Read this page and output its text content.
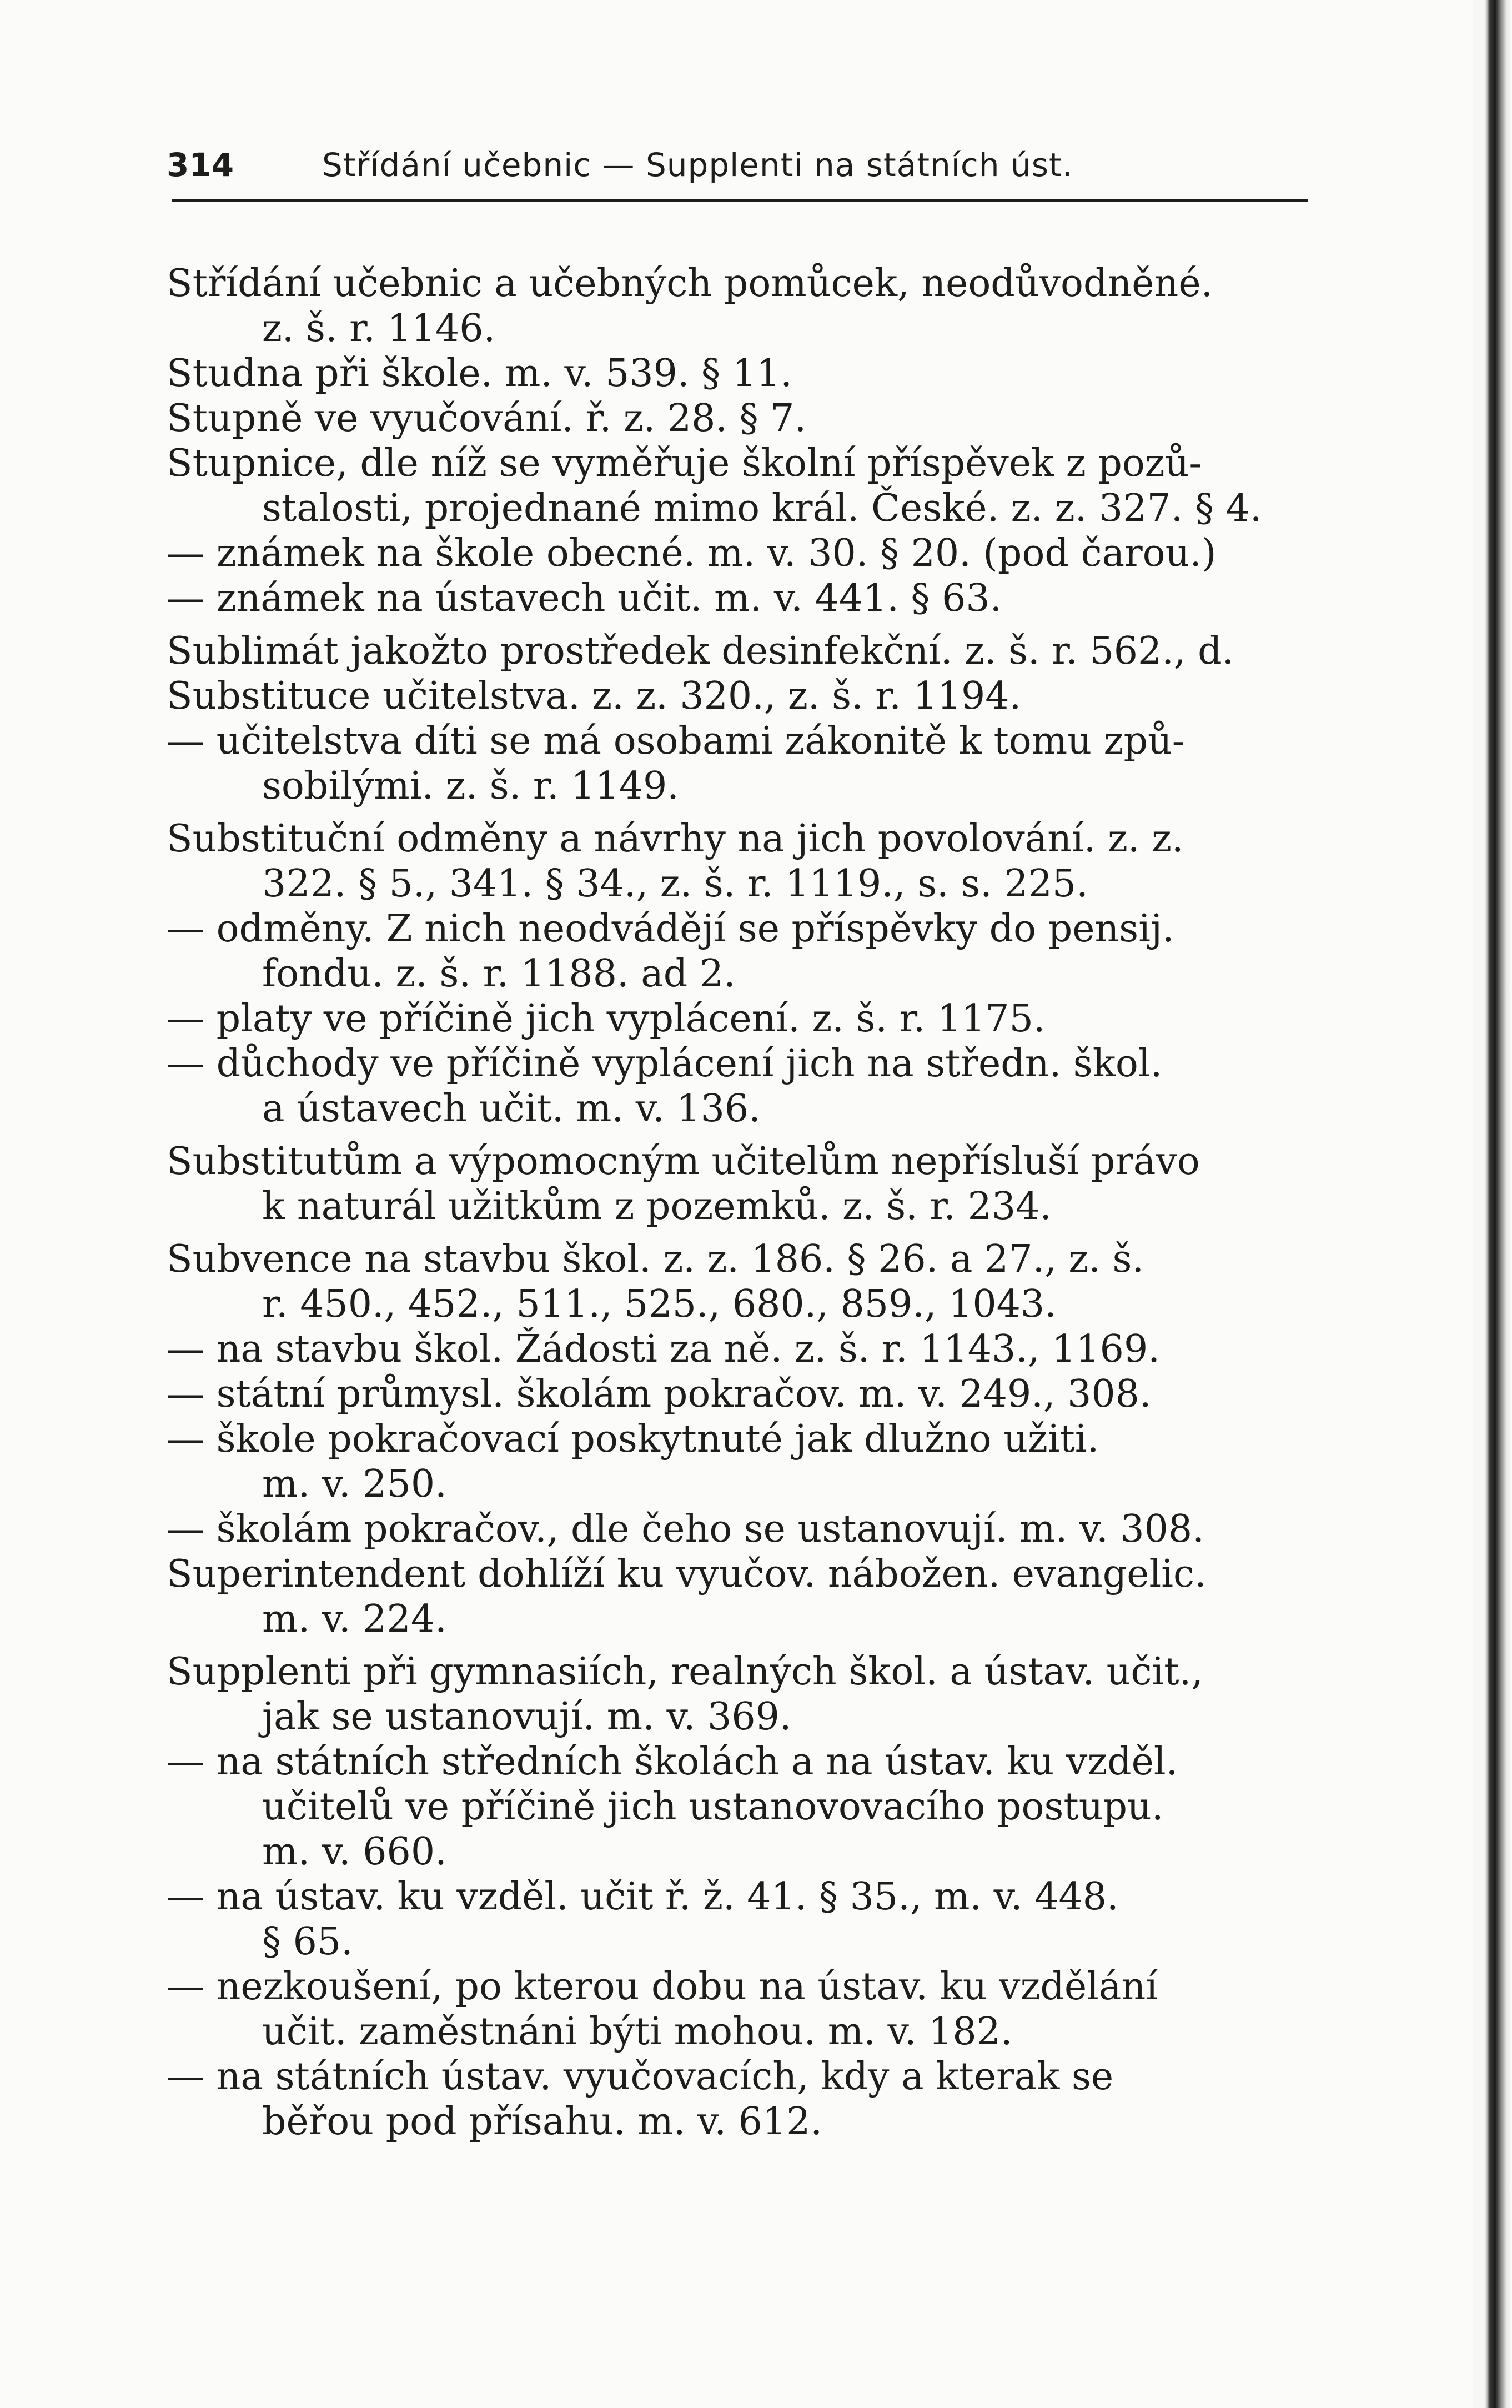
314	Střídání učebnic — Supplenti na státních úst.
Střídání učebnic a učebných pomůcek, neodůvodněné.
z. š. r. 1146.
Studna při škole. m. v. 539. § 11.
Stupně ve vyučování. ř. z. 28. § 7.
Stupnice, dle níž se vyměřuje školní příspěvek z pozů-
stalosti, projednané mimo král. České. z. z. 327. § 4.
— známek na škole obecné. m. v. 30. § 20. (pod čarou.)
— známek na ústavech učit. m. v. 441. § 63.
Sublimát jakožto prostředek desinfekční. z. š. r. 562., d.
Substituce učitelstva. z. z. 320., z. š. r. 1194.
— učitelstva díti se má osobami zákonitě k tomu způ-
sobilými. z. š. r. 1149.
Substituční odměny a návrhy na jich povolování. z. z.
322. § 5., 341. § 34., z. š. r. 1119., s. s. 225.
— odměny. Z nich neodvádějí se příspěvky do pensij.
fondu. z. š. r. 1188. ad 2.
— platy ve příčině jich vyplácení. z. š. r. 1175.
— důchody ve příčině vyplácení jich na středn. škol.
a ústavech učit. m. v. 136.
Substitutům a výpomocným učitelům nepřísluší právo
k naturál užitkům z pozemků. z. š. r. 234.
Subvence na stavbu škol. z. z. 186. § 26. a 27., z. š.
r. 450., 452., 511., 525., 680., 859., 1043.
— na stavbu škol. Žádosti za ně. z. š. r. 1143., 1169.
— státní průmysl. školám pokračov. m. v. 249., 308.
— škole pokračovací poskytnuté jak dlužno užiti.
m. v. 250.
— školám pokračov., dle čeho se ustanovují. m. v. 308.
Superintendent dohlíží ku vyučov. nábožen. evangelic.
m. v. 224.
Supplenti při gymnasiích, realných škol. a ústav. učit.,
jak se ustanovují. m. v. 369.
— na státních středních školách a na ústav. ku vzděl.
učitelů ve příčině jich ustanovovacího postupu.
m. v. 660.
— na ústav. ku vzděl. učit ř. ž. 41. § 35., m. v. 448.
§ 65.
— nezkoušení, po kterou dobu na ústav. ku vzdělání
učit. zaměstnáni býti mohou. m. v. 182.
— na státních ústav. vyučovacích, kdy a kterak se
běřou pod přísahu. m. v. 612.
